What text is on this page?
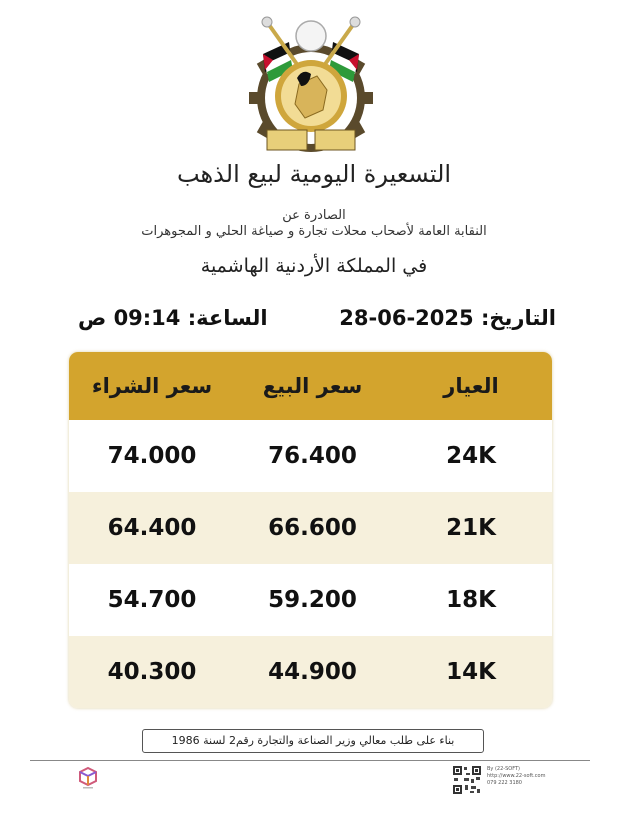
التسعيرة اليومية لبيع الذهب
الصادرة عن
النقابة العامة لأصحاب محلات تجارة و صياغة الحلي و المجوهرات
في المملكة الأردنية الهاشمية
التاريخ: 28-06-2025
الساعة: 09:14 ص
سعر الشراء	سعر البيع	العيار
74.000	76.400	24K
64.400	66.600	21K
54.700	59.200	18K
40.300	44.900	14K
بناء على طلب معالي وزير الصناعة والتجارة رقم2 لسنة 1986
By (22-SOFT)
http://www.22-soft.com
079 222 3180
